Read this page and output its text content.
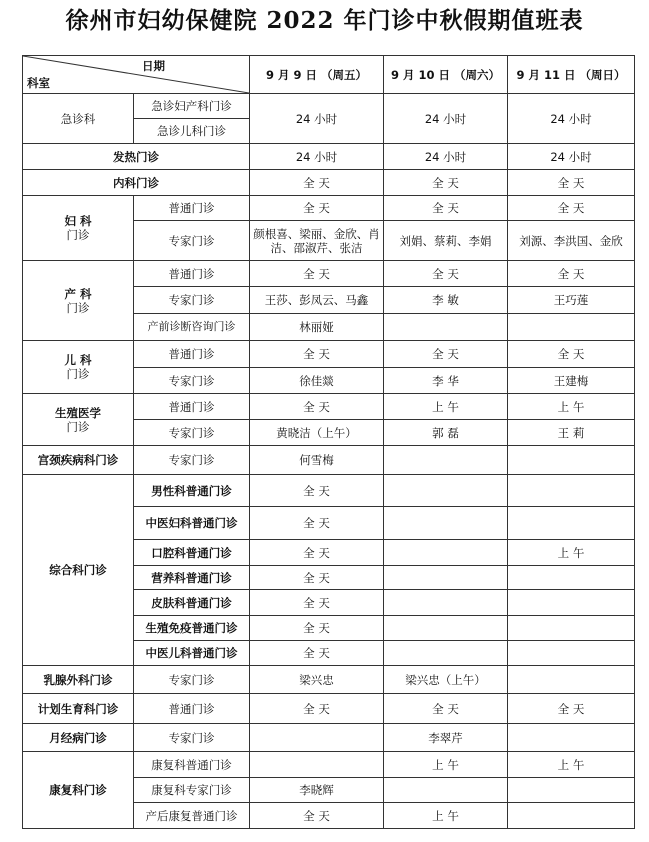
徐州市妇幼保健院 2022 年门诊中秋假期值班表
日期
科室		9 月 9 日 （周五）	9 月 10 日 （周六）	9 月 11 日 （周日）
急诊科	急诊妇产科门诊	24 小时	24 小时	24 小时
	急诊儿科门诊			
发热门诊		24 小时	24 小时	24 小时
内科门诊		全 天	全 天	全 天

妇 科
门诊	普通门诊	全 天	全 天	全 天
	专家门诊	颜根喜、梁丽、金欣、肖洁、邵淑芹、张洁	刘娟、蔡莉、李娟	刘源、李洪国、金欣

产 科
门诊	普通门诊	全 天	全 天	全 天
	专家门诊	王莎、彭凤云、马鑫	李 敏	王巧莲
	产前诊断咨询门诊	林丽娅		

儿 科
门诊	普通门诊	全 天	全 天	全 天
	专家门诊	徐佳燚	李 华	王建梅

生殖医学
门诊	普通门诊	全 天	上 午	上 午
	专家门诊	黄晓洁（上午）	郭 磊	王 莉
宫颈疾病科门诊	专家门诊	何雪梅		
综合科门诊	男性科普通门诊	全 天		
	中医妇科普通门诊	全 天		
	口腔科普通门诊	全 天		上 午
	营养科普通门诊	全 天		
	皮肤科普通门诊	全 天		
	生殖免疫普通门诊	全 天		
	中医儿科普通门诊	全 天		
乳腺外科门诊	专家门诊	梁兴忠	梁兴忠（上午）	
计划生育科门诊	普通门诊	全 天	全 天	全 天
月经病门诊	专家门诊		李翠芹	
康复科门诊	康复科普通门诊		上 午	上 午
	康复科专家门诊	李晓辉		
	产后康复普通门诊	全 天	上 午	
